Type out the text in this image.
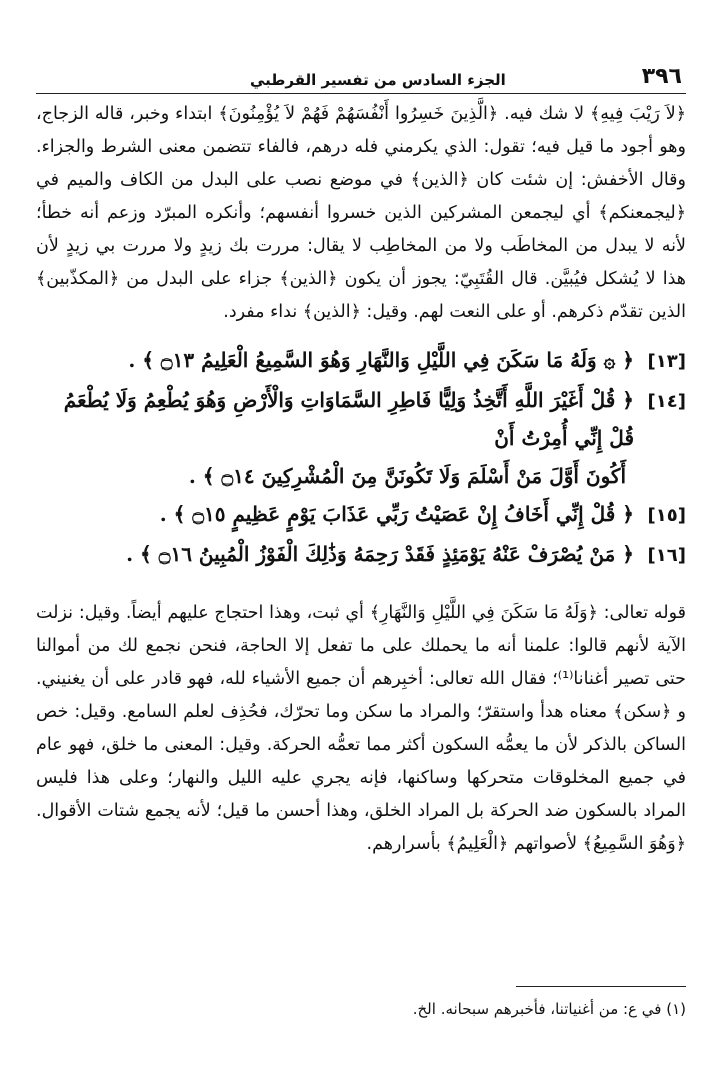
٣٩٦
الجزء السادس من تفسير القرطبي

﴿لاَ رَيْبَ فِيهِ﴾ لا شك فيه. ﴿الَّذِينَ خَسِرُوا أَنْفُسَهُمْ فَهُمْ لاَ يُؤْمِنُونَ﴾ ابتداء وخبر، قاله الزجاج، وهو أجود ما قيل فيه؛ تقول: الذي يكرمني فله درهم، فالفاء تتضمن معنى الشرط والجزاء. وقال الأخفش: إن شئت كان ﴿الذين﴾ في موضع نصب على البدل من الكاف والميم في ﴿ليجمعنكم﴾ أي ليجمعن المشركين الذين خسروا أنفسهم؛ وأنكره المبرّد وزعم أنه خطأ؛ لأنه لا يبدل من المخاطَب ولا من المخاطِب لا يقال: مررت بك زيدٍ ولا مررت بي زيدٍ لأن هذا لا يُشكل فيُبيَّن. قال القُتَبِيّ: يجوز أن يكون ﴿الذين﴾ جزاء على البدل من ﴿المكذّبين﴾ الذين تقدّم ذكرهم. أو على النعت لهم. وقيل: ﴿الذين﴾ نداء مفرد.

[١٣]
﴿ ۞ وَلَهُ مَا سَكَنَ فِي اللَّيْلِ وَالنَّهَارِ وَهُوَ السَّمِيعُ الْعَلِيمُ ۝١٣ ﴾ .
[١٤]
﴿ قُلْ أَغَيْرَ اللَّهِ أَتَّخِذُ وَلِيًّا فَاطِرِ السَّمَاوَاتِ وَالْأَرْضِ وَهُوَ يُطْعِمُ وَلَا يُطْعَمُ قُلْ إِنِّي أُمِرْتُ أَنْ
أَكُونَ أَوَّلَ مَنْ أَسْلَمَ وَلَا تَكُونَنَّ مِنَ الْمُشْرِكِينَ ۝١٤ ﴾ .
[١٥]
﴿ قُلْ إِنِّي أَخَافُ إِنْ عَصَيْتُ رَبِّي عَذَابَ يَوْمٍ عَظِيمٍ ۝١٥ ﴾ .
[١٦]
﴿ مَنْ يُصْرَفْ عَنْهُ يَوْمَئِذٍ فَقَدْ رَحِمَهُ وَذَٰلِكَ الْفَوْزُ الْمُبِينُ ۝١٦ ﴾ .

قوله تعالى: ﴿وَلَهُ مَا سَكَنَ فِي اللَّيْلِ وَالنَّهَارِ﴾ أي ثبت، وهذا احتجاج عليهم أيضاً. وقيل: نزلت الآية لأنهم قالوا: علمنا أنه ما يحملك على ما تفعل إلا الحاجة، فنحن نجمع لك من أموالنا حتى تصير أغنانا⁽¹⁾؛ فقال الله تعالى: أخبِرهم أن جميع الأشياء لله، فهو قادر على أن يغنيني. و ﴿سكن﴾ معناه هدأ واستقرّ؛ والمراد ما سكن وما تحرّك، فحُذِف لعلم السامع. وقيل: خص الساكن بالذكر لأن ما يعمُّه السكون أكثر مما تعمُّه الحركة. وقيل: المعنى ما خلق، فهو عام في جميع المخلوقات متحركها وساكنها، فإنه يجري عليه الليل والنهار؛ وعلى هذا فليس المراد بالسكون ضد الحركة بل المراد الخلق، وهذا أحسن ما قيل؛ لأنه يجمع شتات الأقوال. ﴿وَهُوَ السَّمِيعُ﴾ لأصواتهم ﴿الْعَلِيمُ﴾ بأسرارهم.

(١) في ع: من أغنياتنا، فأخبرهم سبحانه. الخ.
